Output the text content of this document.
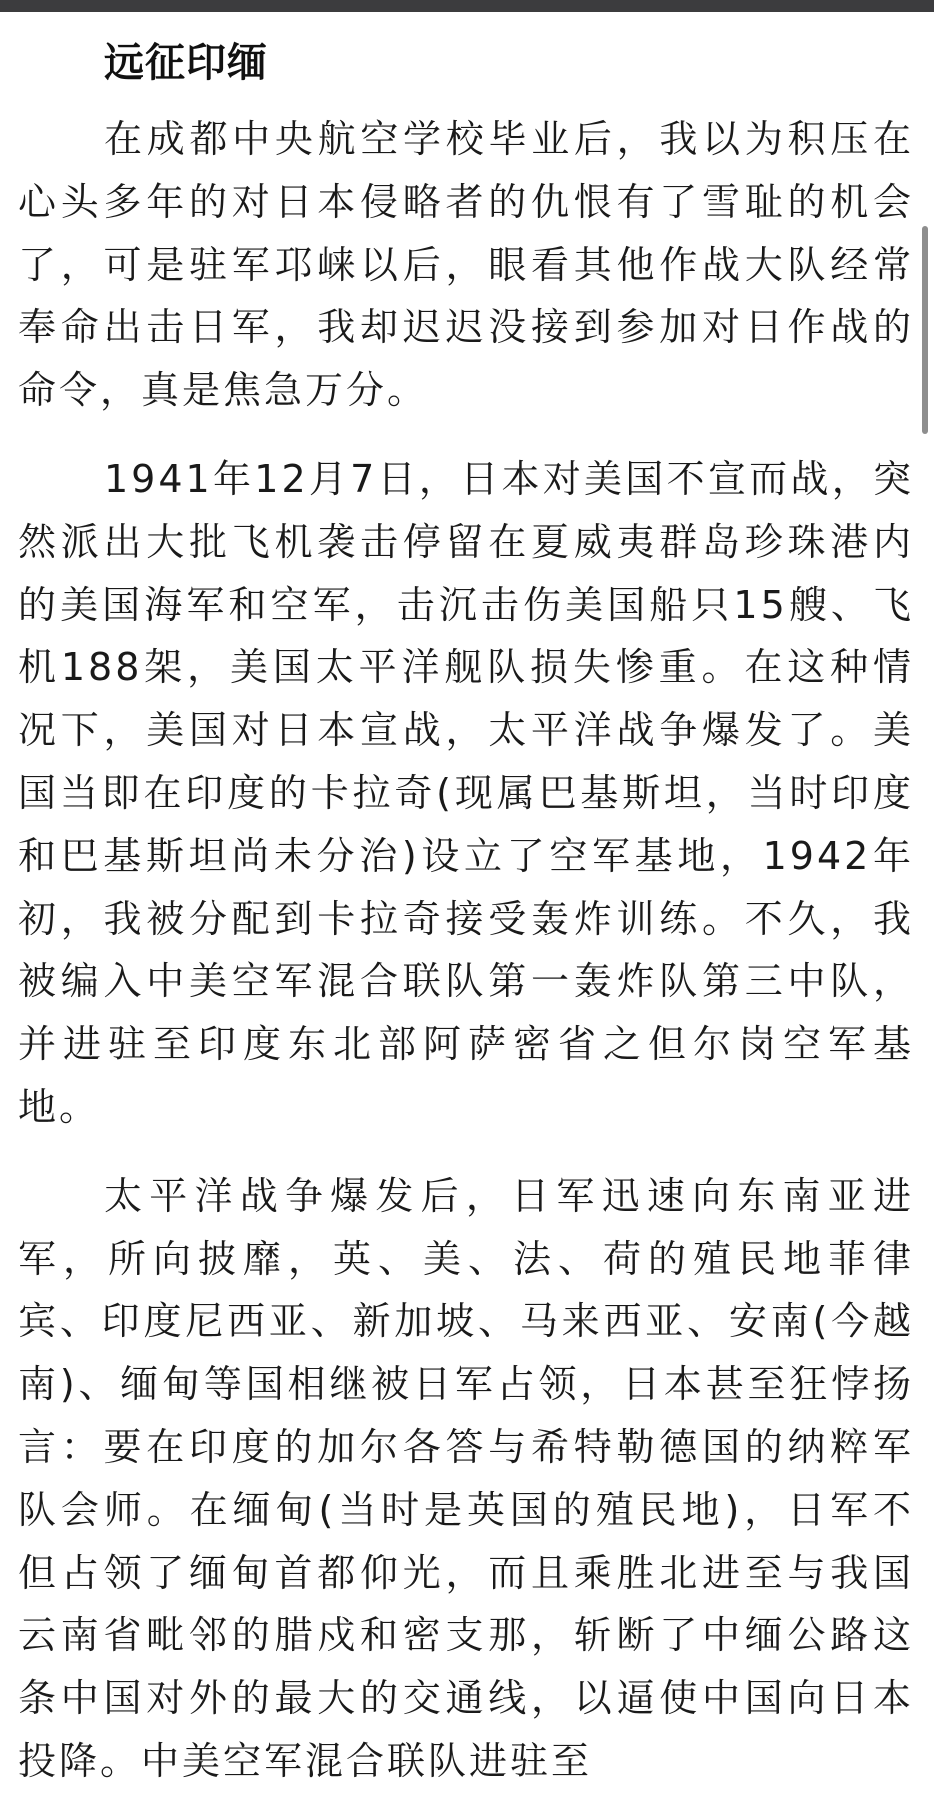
远征印缅

在成都中央航空学校毕业后，我以为积压在心头多年的对日本侵略者的仇恨有了雪耻的机会了，可是驻军邛崃以后，眼看其他作战大队经常奉命出击日军，我却迟迟没接到参加对日作战的命令，真是焦急万分。

1941年12月7日，日本对美国不宣而战，突然派出大批飞机袭击停留在夏威夷群岛珍珠港内的美国海军和空军，击沉击伤美国船只15艘、飞机188架，美国太平洋舰队损失惨重。在这种情况下，美国对日本宣战，太平洋战争爆发了。美国当即在印度的卡拉奇(现属巴基斯坦，当时印度和巴基斯坦尚未分治)设立了空军基地，1942年初，我被分配到卡拉奇接受轰炸训练。不久，我被编入中美空军混合联队第一轰炸队第三中队，并进驻至印度东北部阿萨密省之但尔岗空军基地。

太平洋战争爆发后，日军迅速向东南亚进军，所向披靡，英、美、法、荷的殖民地菲律宾、印度尼西亚、新加坡、马来西亚、安南(今越南)、缅甸等国相继被日军占领，日本甚至狂悖扬言：要在印度的加尔各答与希特勒德国的纳粹军队会师。在缅甸(当时是英国的殖民地)，日军不但占领了缅甸首都仰光，而且乘胜北进至与我国云南省毗邻的腊戍和密支那，斩断了中缅公路这条中国对外的最大的交通线，以逼使中国向日本投降。中美空军混合联队进驻至
